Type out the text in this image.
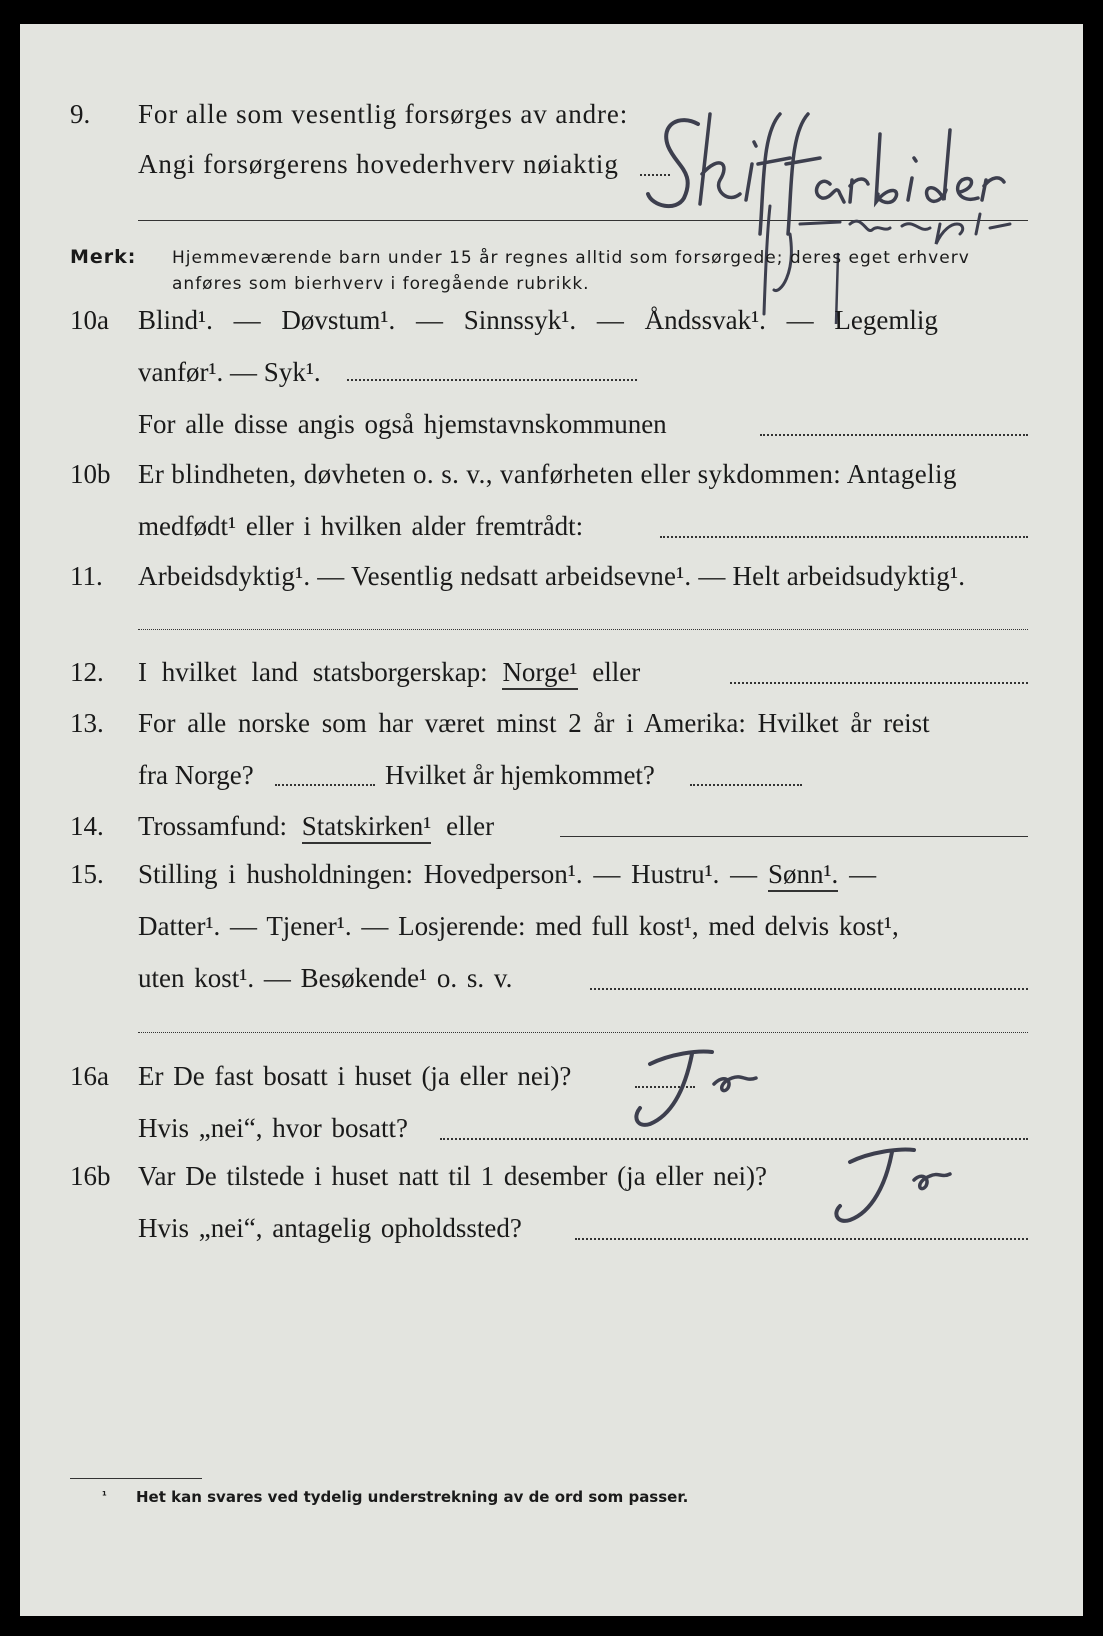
9. For alle som vesentlig forsørges av andre:
Angi forsørgerens hovederhverv nøiaktig
Merk: Hjemmeværende barn under 15 år regnes alltid som forsørgede; deres eget erhverv
anføres som bierhverv i foregående rubrikk.
10a Blind¹. — Døvstum¹. — Sinnssyk¹. — Åndssvak¹. — Legemlig
vanfør¹. — Syk¹.
For alle disse angis også hjemstavnskommunen
10b Er blindheten, døvheten o. s. v., vanførheten eller sykdommen: Antagelig
medfødt¹ eller i hvilken alder fremtrådt:
11. Arbeidsdyktig¹. — Vesentlig nedsatt arbeidsevne¹. — Helt arbeidsudyktig¹.
12. I hvilket land statsborgerskap: Norge¹ eller
13. For alle norske som har været minst 2 år i Amerika: Hvilket år reist
fra Norge?	Hvilket år hjemkommet?
14. Trossamfund: Statskirken¹ eller
15. Stilling i husholdningen: Hovedperson¹. — Hustru¹. — Sønn¹. —
Datter¹. — Tjener¹. — Losjerende: med full kost¹, med delvis kost¹,
uten kost¹. — Besøkende¹ o. s. v.
16a Er De fast bosatt i huset (ja eller nei)?
Hvis „nei“, hvor bosatt?
16b Var De tilstede i huset natt til 1 desember (ja eller nei)?
Hvis „nei“, antagelig opholdssted?
¹ Het kan svares ved tydelig understrekning av de ord som passer.
